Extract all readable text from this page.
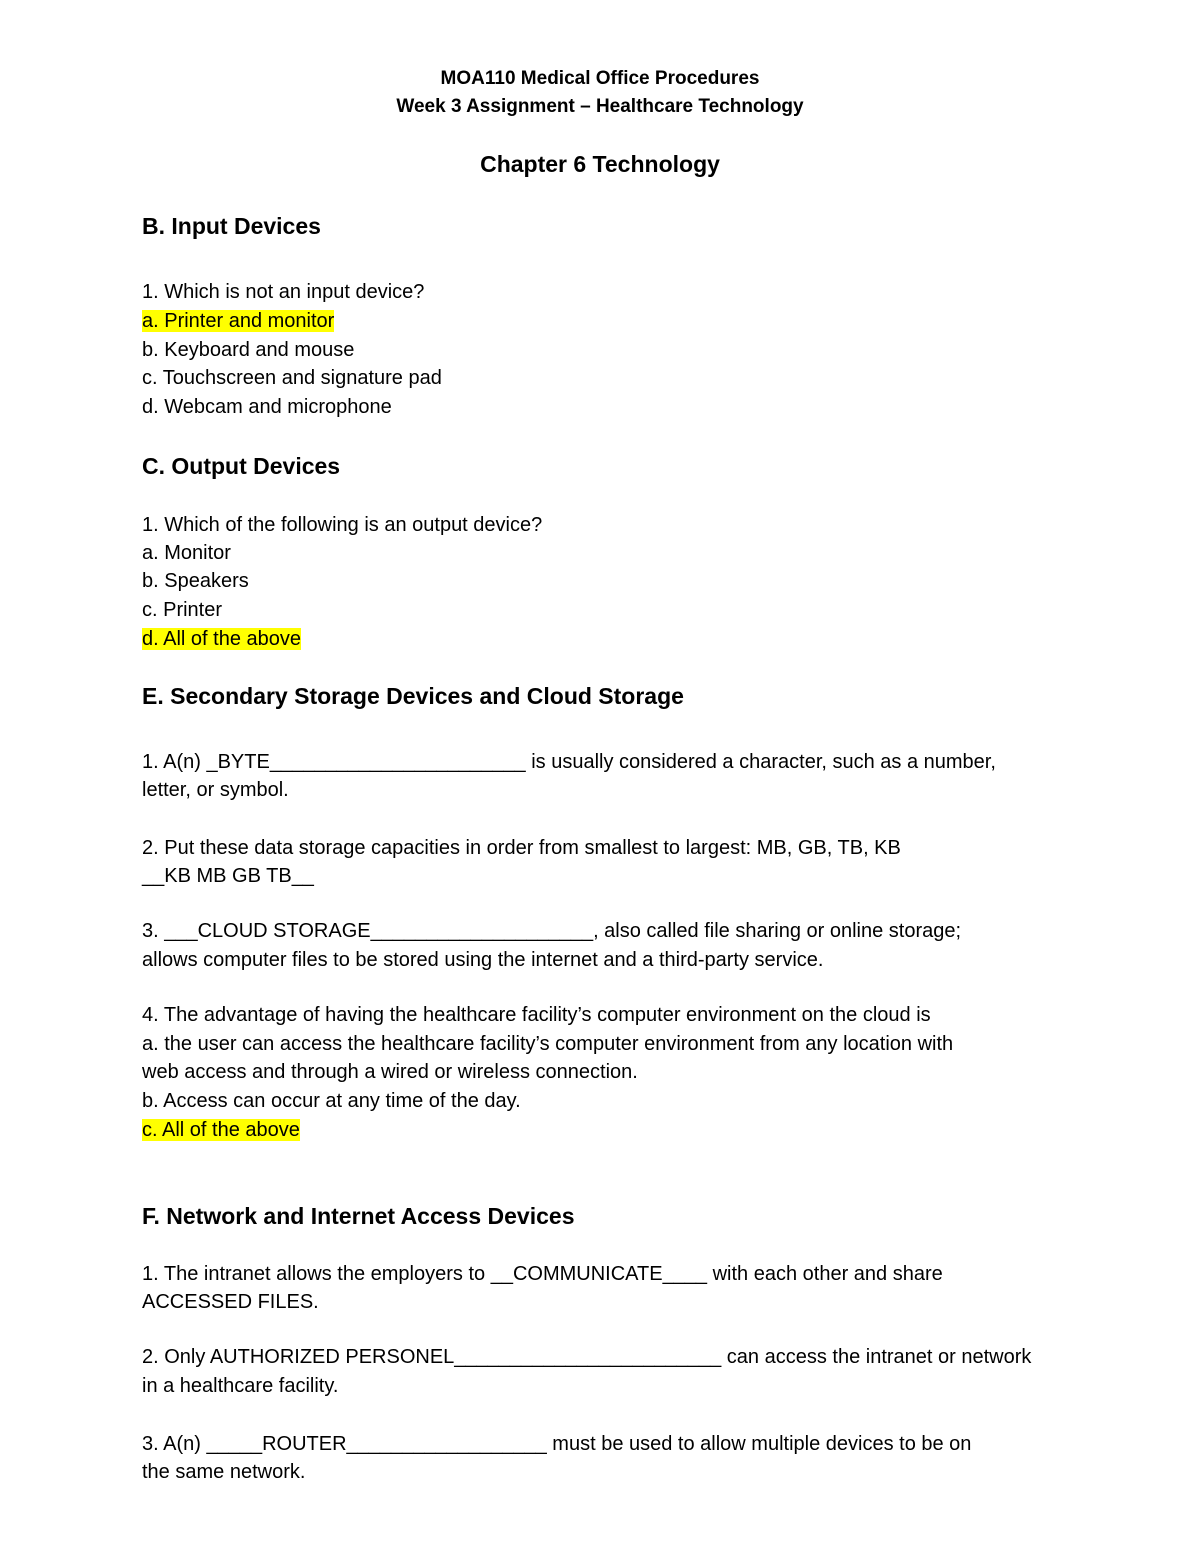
MOA110 Medical Office Procedures
Week 3 Assignment – Healthcare Technology
Chapter 6 Technology
B. Input Devices
1. Which is not an input device?
a. Printer and monitor
b. Keyboard and mouse
c. Touchscreen and signature pad
d. Webcam and microphone
C. Output Devices
1. Which of the following is an output device?
a. Monitor
b. Speakers
c. Printer
d. All of the above
E. Secondary Storage Devices and Cloud Storage
1. A(n) _BYTE_______________________ is usually considered a character, such as a number,
letter, or symbol.
2. Put these data storage capacities in order from smallest to largest: MB, GB, TB, KB
__KB MB GB TB__
3. ___CLOUD STORAGE____________________, also called file sharing or online storage;
allows computer files to be stored using the internet and a third-party service.
4. The advantage of having the healthcare facility’s computer environment on the cloud is
a. the user can access the healthcare facility’s computer environment from any location with
web access and through a wired or wireless connection.
b. Access can occur at any time of the day.
c. All of the above
F. Network and Internet Access Devices
1. The intranet allows the employers to __COMMUNICATE____ with each other and share
ACCESSED FILES.
2. Only AUTHORIZED PERSONEL________________________ can access the intranet or network
in a healthcare facility.
3. A(n) _____ROUTER__________________ must be used to allow multiple devices to be on
the same network.
